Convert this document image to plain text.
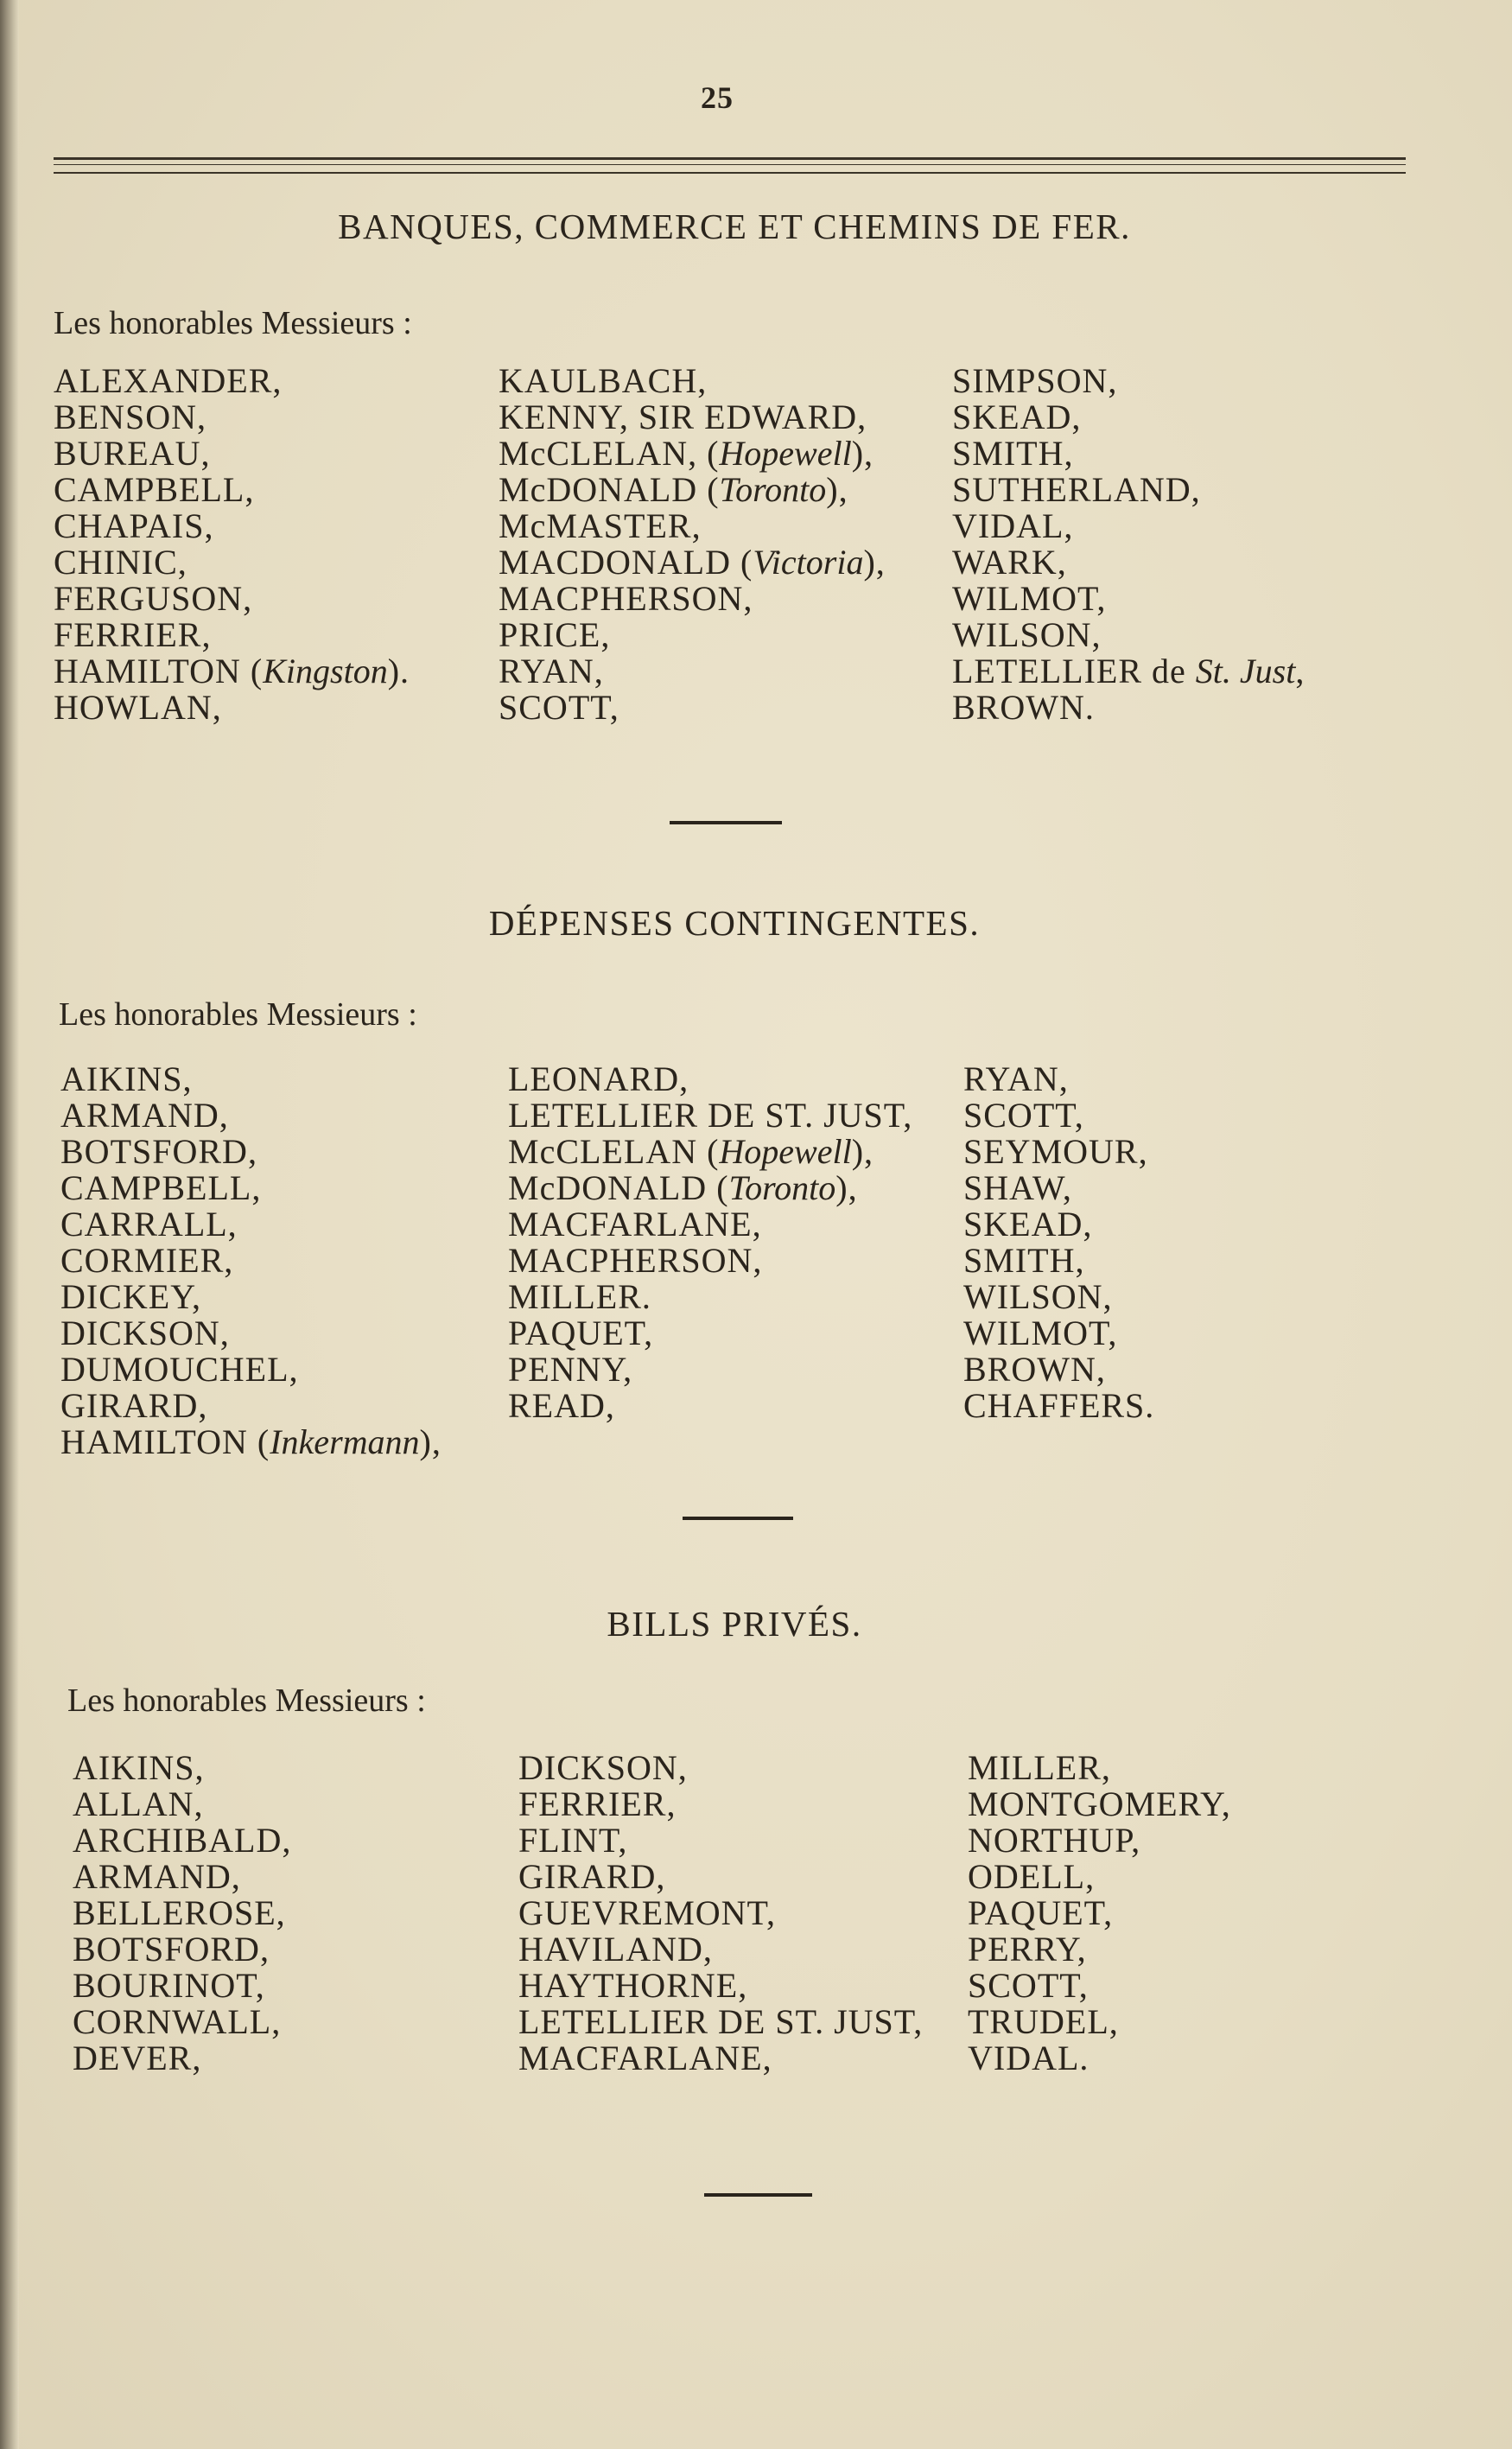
25
BANQUES, COMMERCE ET CHEMINS DE FER.
Les honorables Messieurs :
ALEXANDER,
BENSON,
BUREAU,
CAMPBELL,
CHAPAIS,
CHINIC,
FERGUSON,
FERRIER,
HAMILTON (Kingston).
HOWLAN,
KAULBACH,
KENNY, SIR EDWARD,
McCLELAN, (Hopewell),
McDONALD (Toronto),
McMASTER,
MACDONALD (Victoria),
MACPHERSON,
PRICE,
RYAN,
SCOTT,
SIMPSON,
SKEAD,
SMITH,
SUTHERLAND,
VIDAL,
WARK,
WILMOT,
WILSON,
LETELLIER de St. Just,
BROWN.
DÉPENSES CONTINGENTES.
Les honorables Messieurs :
AIKINS,
ARMAND,
BOTSFORD,
CAMPBELL,
CARRALL,
CORMIER,
DICKEY,
DICKSON,
DUMOUCHEL,
GIRARD,
HAMILTON (Inkermann),
LEONARD,
LETELLIER DE ST. JUST,
McCLELAN (Hopewell),
McDONALD (Toronto),
MACFARLANE,
MACPHERSON,
MILLER.
PAQUET,
PENNY,
READ,
RYAN,
SCOTT,
SEYMOUR,
SHAW,
SKEAD,
SMITH,
WILSON,
WILMOT,
BROWN,
CHAFFERS.
BILLS PRIVÉS.
Les honorables Messieurs :
AIKINS,
ALLAN,
ARCHIBALD,
ARMAND,
BELLEROSE,
BOTSFORD,
BOURINOT,
CORNWALL,
DEVER,
DICKSON,
FERRIER,
FLINT,
GIRARD,
GUEVREMONT,
HAVILAND,
HAYTHORNE,
LETELLIER DE ST. JUST,
MACFARLANE,
MILLER,
MONTGOMERY,
NORTHUP,
ODELL,
PAQUET,
PERRY,
SCOTT,
TRUDEL,
VIDAL.
